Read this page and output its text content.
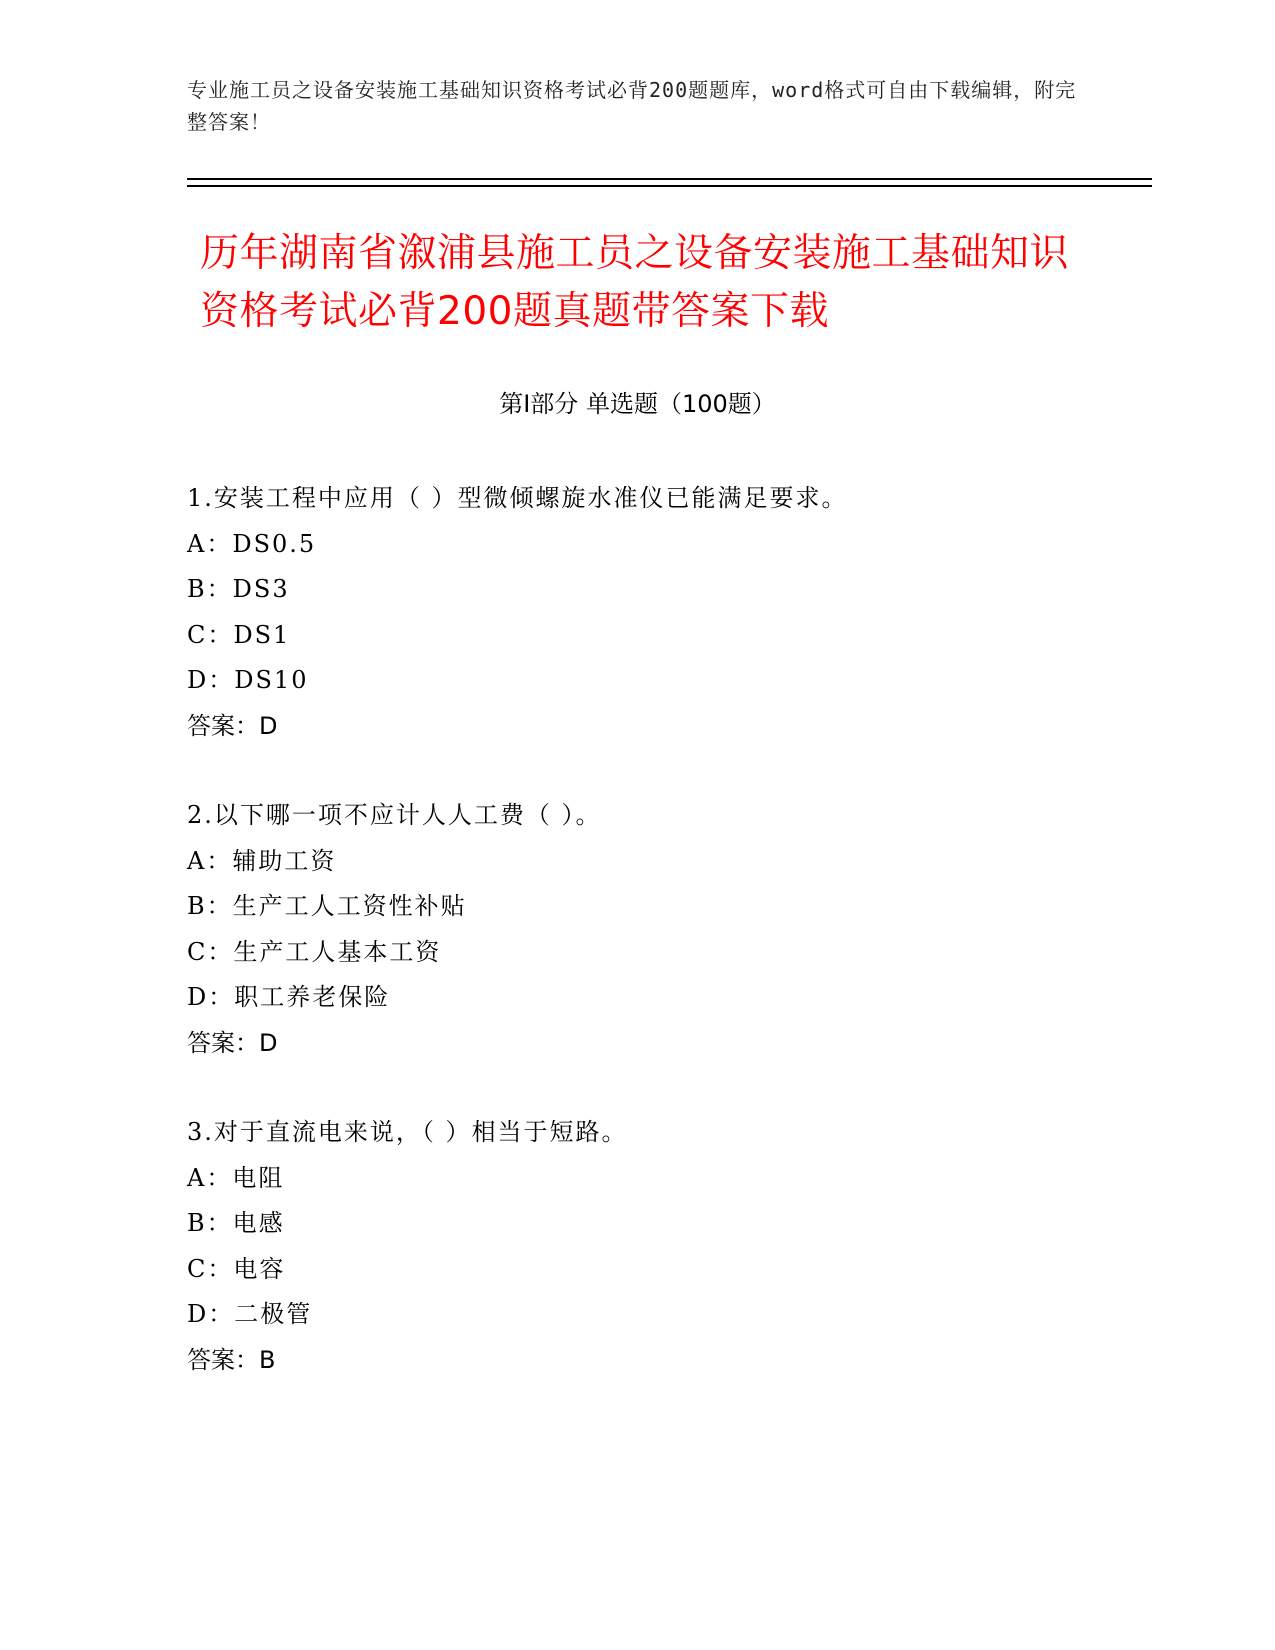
专业施工员之设备安装施工基础知识资格考试必背200题题库，word格式可自由下载编辑，附完整答案！
历年湖南省溆浦县施工员之设备安装施工基础知识资格考试必背200题真题带答案下载
第Ⅰ部分 单选题（100题）
1.安装工程中应用（ ）型微倾螺旋水准仪已能满足要求。
A：DS0.5
B：DS3
C：DS1
D：DS10
答案：D
2.以下哪一项不应计人人工费（ ）。
A：辅助工资
B：生产工人工资性补贴
C：生产工人基本工资
D：职工养老保险
答案：D
3.对于直流电来说，（ ）相当于短路。
A：电阻
B：电感
C：电容
D：二极管
答案：B
